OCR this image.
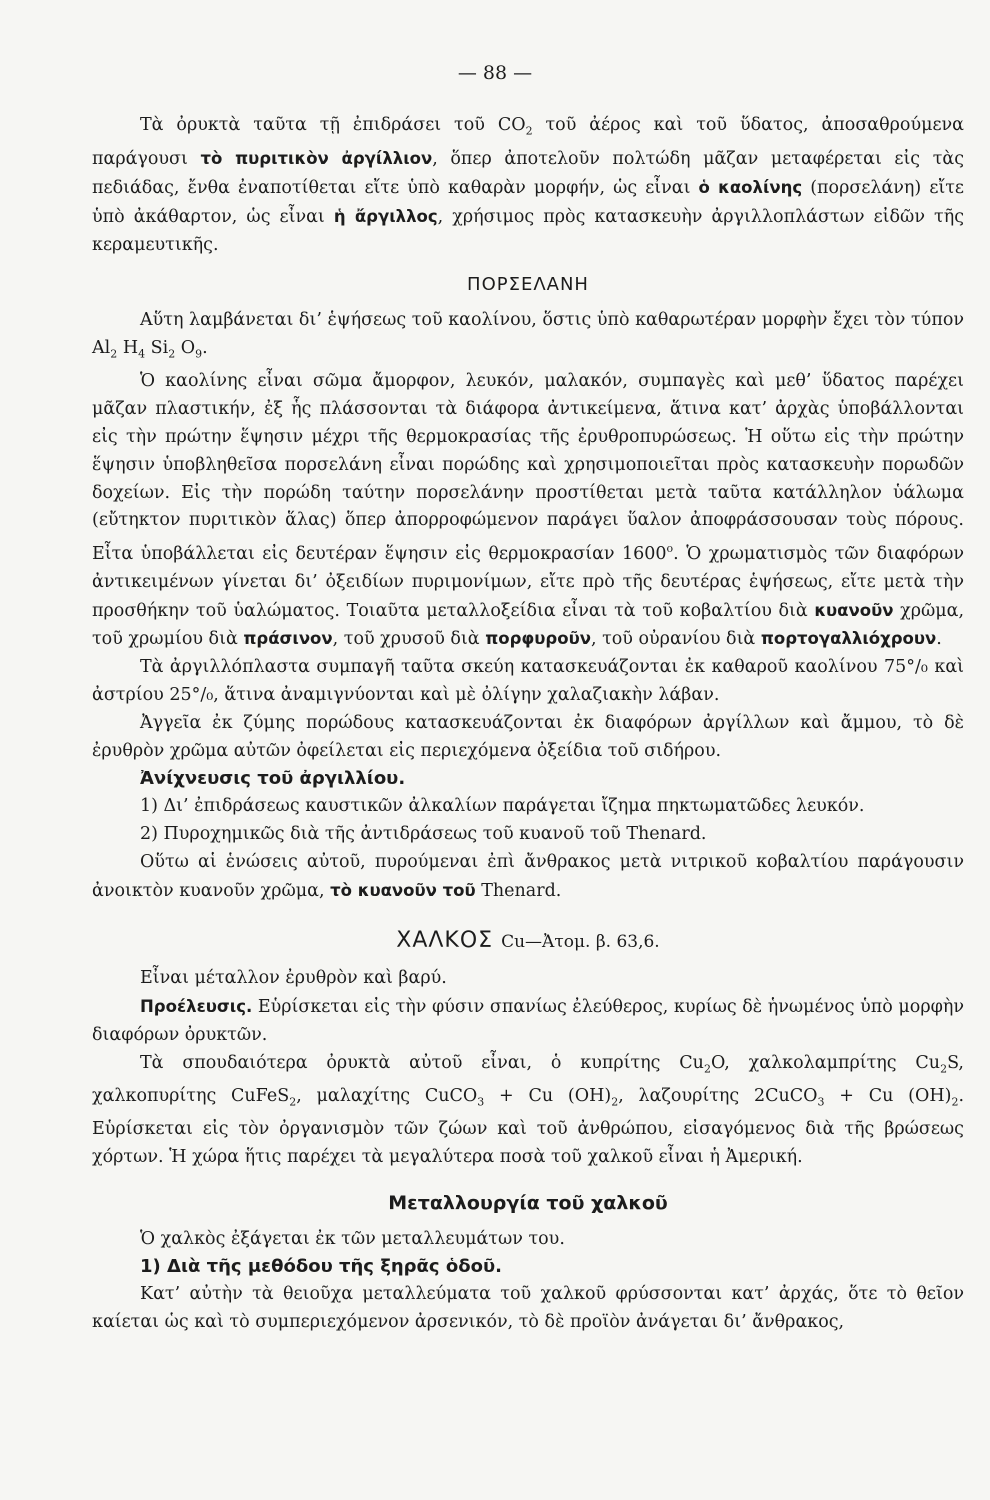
— 88 —

Τὰ ὀρυκτὰ ταῦτα τῇ ἐπιδράσει τοῦ $CO_2$ τοῦ ἀέρος καὶ τοῦ ὕδατος, ἀποσαθρούμενα παράγουσι τὸ πυριτικὸν ἀργίλλιον, ὅπερ ἀποτελοῦν πολτώδη μᾶζαν μεταφέρεται εἰς τὰς πεδιάδας, ἔνθα ἐναποτίθεται εἴτε ὑπὸ καθαρὰν μορφήν, ὡς εἶναι ὁ καολίνης (πορσελάνη) εἴτε ὑπὸ ἀκάθαρτον, ὡς εἶναι ἡ ἄργιλλος, χρήσιμος πρὸς κατασκευὴν ἀργιλλοπλάστων εἰδῶν τῆς κεραμευτικῆς.

ΠΟΡΣΕΛΑΝΗ

Αὕτη λαμβάνεται δι’ ἑψήσεως τοῦ καολίνου, ὅστις ὑπὸ καθαρωτέραν μορφὴν ἔχει τὸν τύπον $Al_2$ $H_4$ $Si_2$ $O_9$.

Ὁ καολίνης εἶναι σῶμα ἄμορφον, λευκόν, μαλακόν, συμπαγὲς καὶ μεθ’ ὕδατος παρέχει μᾶζαν πλαστικήν, ἐξ ἧς πλάσσονται τὰ διάφορα ἀντικείμενα, ἅτινα κατ’ ἀρχὰς ὑποβάλλονται εἰς τὴν πρώτην ἕψησιν μέχρι τῆς θερμοκρασίας τῆς ἐρυθροπυρώσεως. Ἡ οὕτω εἰς τὴν πρώτην ἕψησιν ὑποβληθεῖσα πορσελάνη εἶναι πορώδης καὶ χρησιμοποιεῖται πρὸς κατασκευὴν πορωδῶν δοχείων. Εἰς τὴν πορώδη ταύτην πορσελάνην προστίθεται μετὰ ταῦτα κατάλληλον ὑάλωμα (εὔτηκτον πυριτικὸν ἅλας) ὅπερ ἀπορροφώμενον παράγει ὕαλον ἀποφράσσουσαν τοὺς πόρους. Εἶτα ὑποβάλλεται εἰς δευτέραν ἕψησιν εἰς θερμοκρασίαν $1600^o$. Ὁ χρωματισμὸς τῶν διαφόρων ἀντικειμένων γίνεται δι’ ὀξειδίων πυριμονίμων, εἴτε πρὸ τῆς δευτέρας ἑψήσεως, εἴτε μετὰ τὴν προσθήκην τοῦ ὑαλώματος. Τοιαῦτα μεταλλοξείδια εἶναι τὰ τοῦ κοβαλτίου διὰ κυανοῦν χρῶμα, τοῦ χρωμίου διὰ πράσινον, τοῦ χρυσοῦ διὰ πορφυροῦν, τοῦ οὐρανίου διὰ πορτογαλλιόχρουν.

Τὰ ἀργιλλόπλαστα συμπαγῆ ταῦτα σκεύη κατασκευάζονται ἐκ καθαροῦ καολίνου 75°/₀ καὶ ἀστρίου 25°/₀, ἅτινα ἀναμιγνύονται καὶ μὲ ὀλίγην χαλαζιακὴν λάβαν.

Ἀγγεῖα ἐκ ζύμης πορώδους κατασκευάζονται ἐκ διαφόρων ἀργίλλων καὶ ἄμμου, τὸ δὲ ἐρυθρὸν χρῶμα αὐτῶν ὀφείλεται εἰς περιεχόμενα ὀξείδια τοῦ σιδήρου.

Ἀνίχνευσις τοῦ ἀργιλλίου.

1) Δι’ ἐπιδράσεως καυστικῶν ἀλκαλίων παράγεται ἴζημα πηκτωματῶδες λευκόν.

2) Πυροχημικῶς διὰ τῆς ἀντιδράσεως τοῦ κυανοῦ τοῦ Thenard.

Οὕτω αἱ ἑνώσεις αὐτοῦ, πυρούμεναι ἐπὶ ἄνθρακος μετὰ νιτρικοῦ κοβαλτίου παράγουσιν ἀνοικτὸν κυανοῦν χρῶμα, τὸ κυανοῦν τοῦ Thenard.

ΧΑΛΚΟΣ Cu—Ἀτομ. β. 63,6.

Εἶναι μέταλλον ἐρυθρὸν καὶ βαρύ.

Προέλευσις. Εὑρίσκεται εἰς τὴν φύσιν σπανίως ἐλεύθερος, κυρίως δὲ ἡνωμένος ὑπὸ μορφὴν διαφόρων ὀρυκτῶν.

Τὰ σπουδαιότερα ὀρυκτὰ αὐτοῦ εἶναι, ὁ κυπρίτης $Cu_2O$, χαλκολαμπρίτης $Cu_2S$, χαλκοπυρίτης CuFeS$_2$, μαλαχίτης CuCO$_3$ + Cu $(OH)_2$, λαζουρίτης 2CuCO$_3$ + Cu $(OH)_2$. Εὑρίσκεται εἰς τὸν ὀργανισμὸν τῶν ζώων καὶ τοῦ ἀνθρώπου, εἰσαγόμενος διὰ τῆς βρώσεως χόρτων. Ἡ χώρα ἥτις παρέχει τὰ μεγαλύτερα ποσὰ τοῦ χαλκοῦ εἶναι ἡ Ἀμερική.

Μεταλλουργία τοῦ χαλκοῦ

Ὁ χαλκὸς ἐξάγεται ἐκ τῶν μεταλλευμάτων του.

1) Διὰ τῆς μεθόδου τῆς ξηρᾶς ὁδοῦ.

Κατ’ αὐτὴν τὰ θειοῦχα μεταλλεύματα τοῦ χαλκοῦ φρύσσονται κατ’ ἀρχάς, ὅτε τὸ θεῖον καίεται ὡς καὶ τὸ συμπεριεχόμενον ἀρσενικόν, τὸ δὲ προϊὸν ἀνάγεται δι’ ἄνθρακος,
